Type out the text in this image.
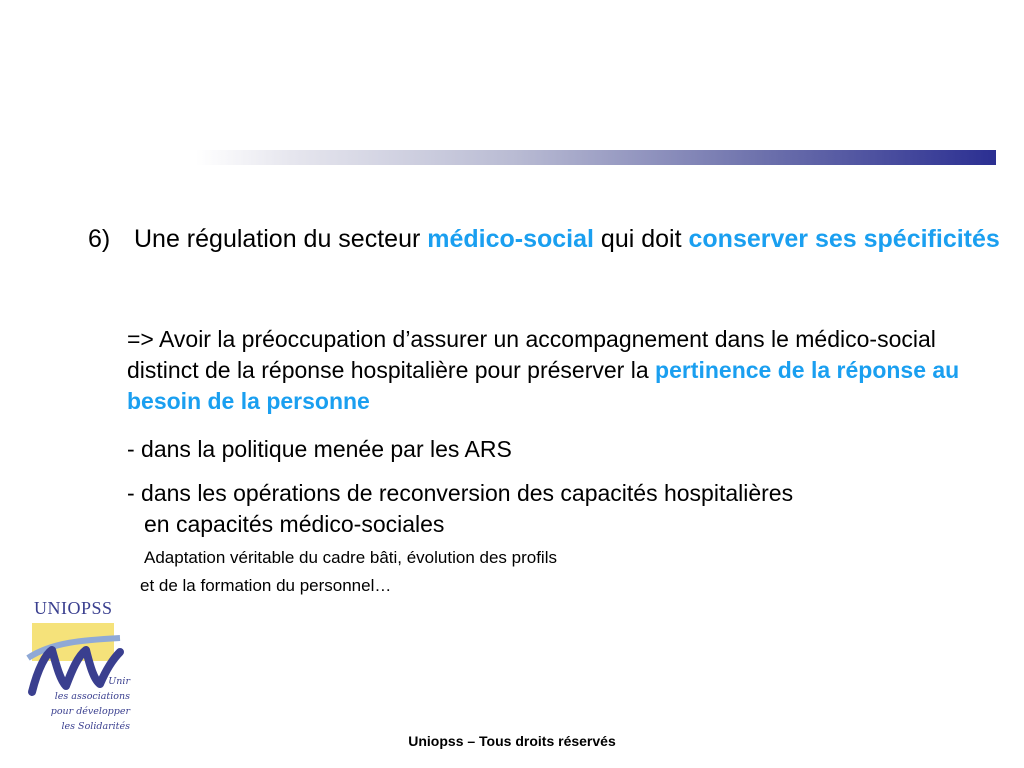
6) Une régulation du secteur médico-social qui doit conserver ses spécificités
=> Avoir la préoccupation d’assurer un accompagnement dans le médico-social distinct de la réponse hospitalière pour préserver la pertinence de la réponse au besoin de la personne
- dans la politique menée par les ARS
- dans les opérations de reconversion des capacités hospitalières
en capacités médico-sociales
Adaptation véritable du cadre bâti, évolution des profils
et de la formation du personnel…
UNIOPSS
Unir
les associations
pour développer
les Solidarités
Uniopss – Tous droits réservés
